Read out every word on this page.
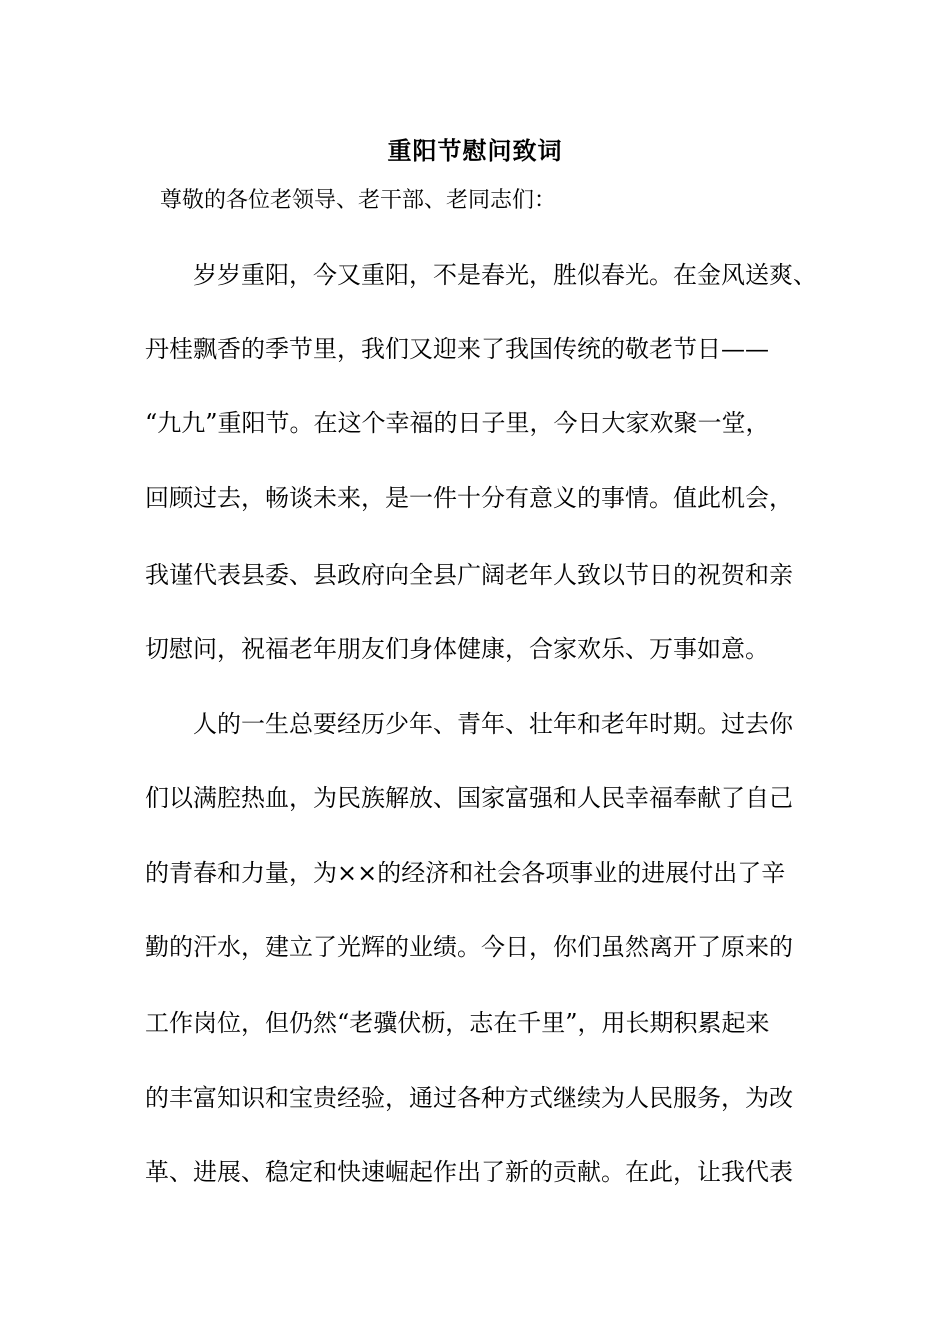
重阳节慰问致词

尊敬的各位老领导、老干部、老同志们：

岁岁重阳，今又重阳，不是春光，胜似春光。在金风送爽、

丹桂飘香的季节里，我们又迎来了我国传统的敬老节日——

“九九”重阳节。在这个幸福的日子里，今日大家欢聚一堂，

回顾过去，畅谈未来，是一件十分有意义的事情。值此机会，

我谨代表县委、县政府向全县广阔老年人致以节日的祝贺和亲

切慰问，祝福老年朋友们身体健康，合家欢乐、万事如意。

人的一生总要经历少年、青年、壮年和老年时期。过去你

们以满腔热血，为民族解放、国家富强和人民幸福奉献了自己

的青春和力量，为××的经济和社会各项事业的进展付出了辛

勤的汗水，建立了光辉的业绩。今日，你们虽然离开了原来的

工作岗位，但仍然“老骥伏枥，志在千里”，用长期积累起来

的丰富知识和宝贵经验，通过各种方式继续为人民服务，为改

革、进展、稳定和快速崛起作出了新的贡献。在此，让我代表
